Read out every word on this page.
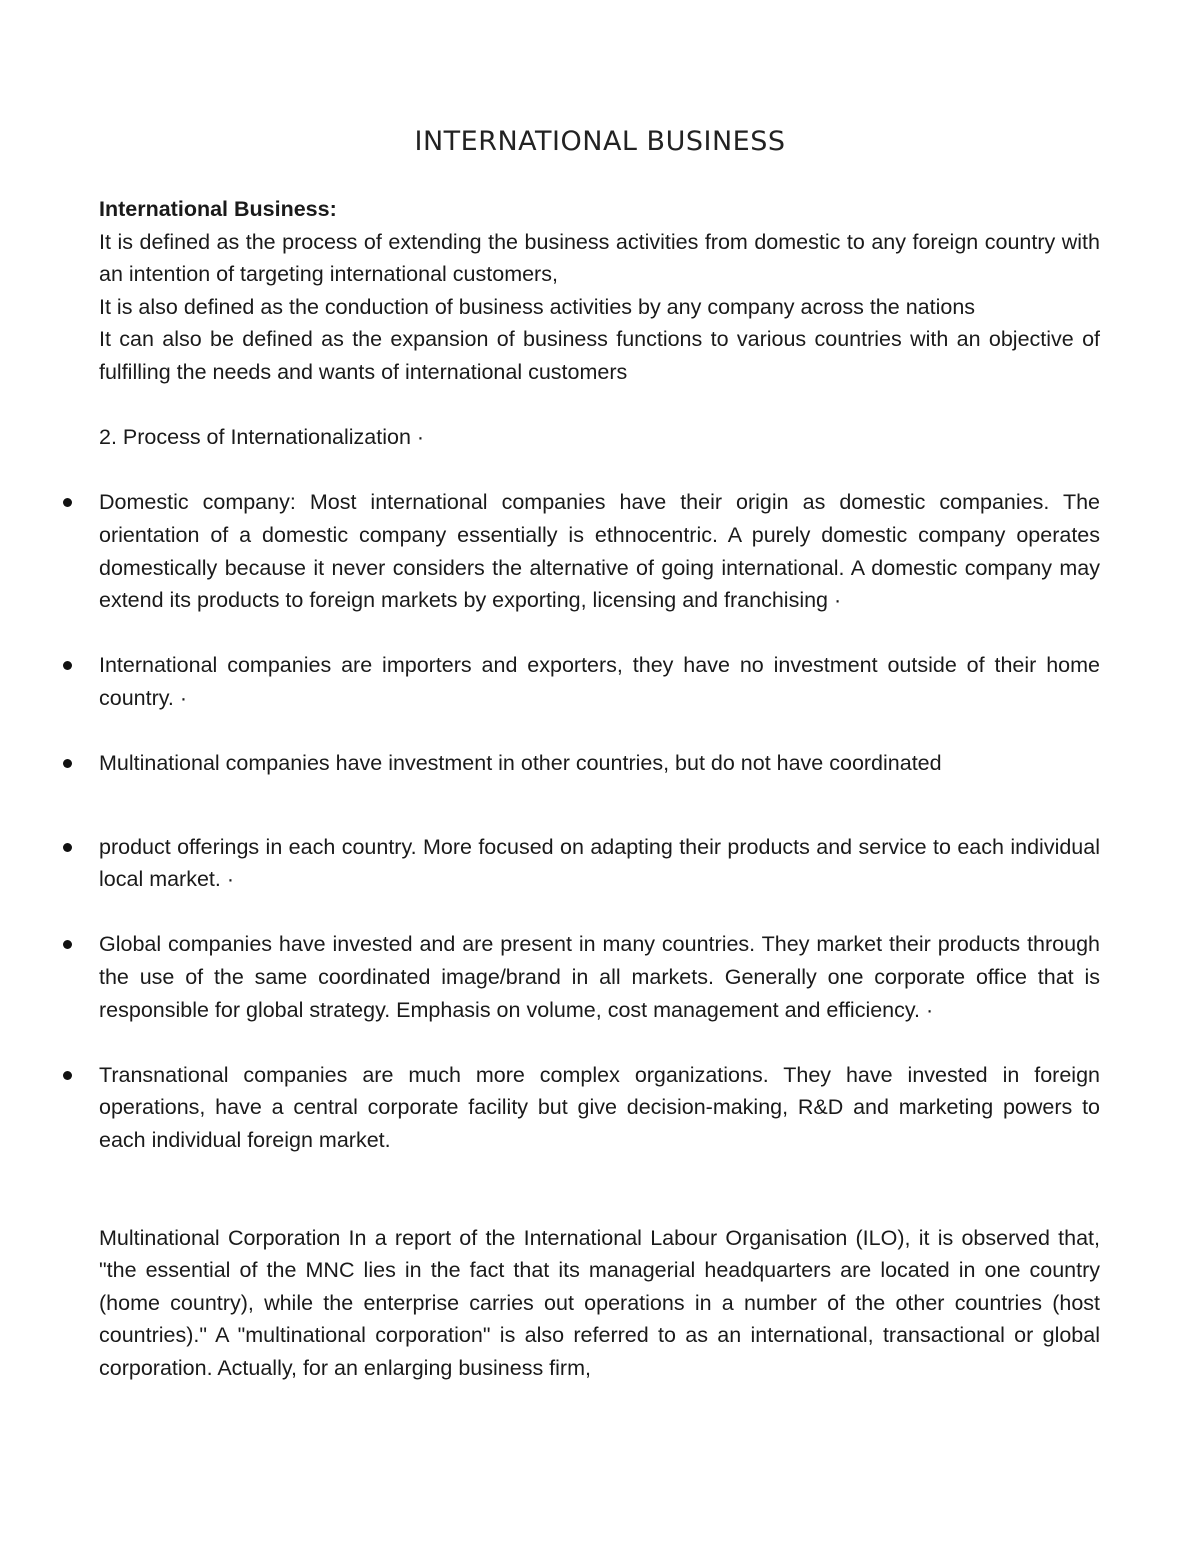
INTERNATIONAL BUSINESS

International Business:

It is defined as the process of extending the business activities from domestic to any foreign country with an intention of targeting international customers,

It is also defined as the conduction of business activities by any company across the nations

It can also be defined as the expansion of business functions to various countries with an objective of fulfilling the needs and wants of international customers

2. Process of Internationalization ·

Domestic company: Most international companies have their origin as domestic companies. The orientation of a domestic company essentially is ethnocentric. A purely domestic company operates domestically because it never considers the alternative of going international. A domestic company may extend its products to foreign markets by exporting, licensing and franchising ·
International companies are importers and exporters, they have no investment outside of their home country. ·
Multinational companies have investment in other countries, but do not have coordinated
product offerings in each country. More focused on adapting their products and service to each individual local market. ·
Global companies have invested and are present in many countries. They market their products through the use of the same coordinated image/brand in all markets. Generally one corporate office that is responsible for global strategy. Emphasis on volume, cost management and efficiency. ·
Transnational companies are much more complex organizations. They have invested in foreign operations, have a central corporate facility but give decision-making, R&D and marketing powers to each individual foreign market.

Multinational Corporation In a report of the International Labour Organisation (ILO), it is observed that, "the essential of the MNC lies in the fact that its managerial headquarters are located in one country (home country), while the enterprise carries out operations in a number of the other countries (host countries)." A "multinational corporation" is also referred to as an international, transactional or global corporation. Actually, for an enlarging business firm,
